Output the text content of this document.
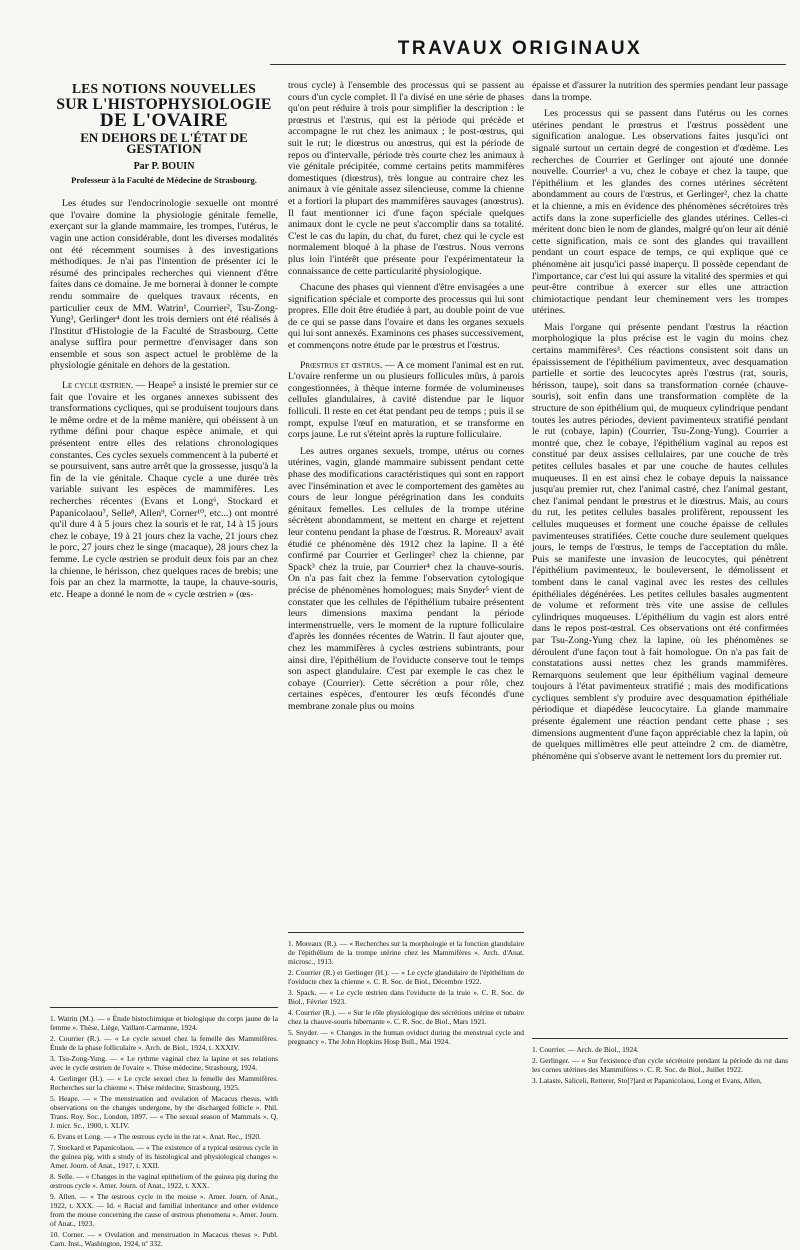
TRAVAUX ORIGINAUX
LES NOTIONS NOUVELLES
SUR L'HISTOPHYSIOLOGIE
DE L'OVAIRE
EN DEHORS DE L'ÉTAT DE GESTATION
Par P. BOUIN
Professeur à la Faculté de Médecine de Strasbourg.

Les études sur l'endocrinologie sexuelle ont montré que l'ovaire domine la physiologie génitale femelle, exerçant sur la glande mammaire, les trompes, l'utérus, le vagin une action considérable, dont les diverses modalités ont été récemment soumises à des investigations méthodiques. Je n'ai pas l'intention de présenter ici le résumé des principales recherches qui viennent d'être faites dans ce domaine. Je me bornerai à donner le compte rendu sommaire de quelques travaux récents, en particulier ceux de MM. Watrin¹, Courrier², Tsu-Zong-Yung³, Gerlinger⁴ dont les trois derniers ont été réalisés à l'Institut d'Histologie de la Faculté de Strasbourg. Cette analyse suffira pour permettre d'envisager dans son ensemble et sous son aspect actuel le problème de la physiologie génitale en dehors de la gestation.

Le cycle œstrien. — Heape⁵ a insisté le premier sur ce fait que l'ovaire et les organes annexes subissent des transformations cycliques, qui se produisent toujours dans le même ordre et de la même manière, qui obéissent à un rythme défini pour chaque espèce animale, et qui présentent entre elles des relations chronologiques constantes. Ces cycles sexuels commencent à la puberté et se poursuivent, sans autre arrêt que la grossesse, jusqu'à la fin de la vie génitale. Chaque cycle a une durée très variable suivant les espèces de mammifères. Les recherches récentes (Evans et Long⁶, Stockard et Papanicolaou⁷, Selle⁸, Allen⁹, Corner¹⁰, etc...) ont montré qu'il dure 4 à 5 jours chez la souris et le rat, 14 à 15 jours chez le cobaye, 19 à 21 jours chez la vache, 21 jours chez le porc, 27 jours chez le singe (macaque), 28 jours chez la femme. Le cycle œstrien se produit deux fois par an chez la chienne, le hérisson, chez quelques races de brebis; une fois par an chez la marmotte, la taupe, la chauve-souris, etc. Heape a donné le nom de « cycle œstrien » (œs-

1. Watrin (M.). — « Étude histochimique et biologique du corps jaune de la femme ». Thèse, Liège, Vaillant-Carmanne, 1924.
2. Courrier (R.). — « Le cycle sexuel chez la femelle des Mammifères. Étude de la phase folliculaire ». Arch. de Biol., 1924, t. XXXIV.
3. Tsu-Zong-Yung. — « Le rythme vaginal chez la lapine et ses relations avec le cycle œstrien de l'ovaire ». Thèse médecine, Strasbourg, 1924.
4. Gerlinger (H.). — « Le cycle sexuel chez la femelle des Mammifères. Recherches sur la chienne ». Thèse médecine, Strasbourg, 1925.
5. Heape. — « The menstruation and ovulation of Macacus rhesus, with observations on the changes undergone, by the discharged follicle ». Phil. Trans. Roy. Soc., London, 1897. — « The sexual season of Mammals ». Q. J. micr. Sc., 1900, t. XLIV.
6. Evans et Long. — « The œstrous cycle in the rat ». Anat. Rec., 1920.
7. Stockard et Papanicolaou. — « The existence of a typical œstrous cycle in the guinea pig, with a study of its histological and physiological changes ». Amer. Journ. of Anat., 1917, t. XXII.
8. Selle. — « Changes in the vaginal epithelium of the guinea pig during the œstrous cycle ». Amer. Journ. of Anat., 1922, t. XXX.
9. Allen. — « The œstrous cycle in the mouse ». Amer. Journ. of Anat., 1922, t. XXX. — Id. « Racial and familial inheritance and other evidence from the mouse concerning the cause of œstrous phenomena ». Amer. Journ. of Anat., 1923.
10. Corner. — « Ovulation and menstruation in Macacus rhesus ». Publ. Carn. Inst., Washington, 1924, nº 332.

trous cycle) à l'ensemble des processus qui se passent au cours d'un cycle complet. Il l'a divisé en une série de phases qu'on peut réduire à trois pour simplifier la description : le prœstrus et l'æstrus, qui est la période qui précède et accompagne le rut chez les animaux ; le post-œstrus, qui suit le rut; le diœstrus ou anœstrus, qui est la période de repos ou d'intervalle, période très courte chez les animaux à vie génitale précipitée, comme certains petits mammifères domestiques (diœstrus), très longue au contraire chez les animaux à vie génitale assez silencieuse, comme la chienne et a fortiori la plupart des mammifères sauvages (anœstrus). Il faut mentionner ici d'une façon spéciale quelques animaux dont le cycle ne peut s'accomplir dans sa totalité. C'est le cas du lapin, du chat, du furet, chez qui le cycle est normalement bloqué à la phase de l'œstrus. Nous verrons plus loin l'intérêt que présente pour l'expérimentateur la connaissance de cette particularité physiologique.

Chacune des phases qui viennent d'être envisagées a une signification spéciale et comporte des processus qui lui sont propres. Elle doit être étudiée à part, au double point de vue de ce qui se passe dans l'ovaire et dans les organes sexuels qui lui sont annexés. Examinons ces phases successivement, et commençons notre étude par le prœstrus et l'œstrus.

Prœstrus et œstrus. — A ce moment l'animal est en rut. L'ovaire renferme un ou plusieurs follicules mûrs, à parois congestionnées, à thèque interne formée de volumineuses cellules glandulaires, à cavité distendue par le liquor folliculi. Il reste en cet état pendant peu de temps ; puis il se rompt, expulse l'œuf en maturation, et se transforme en corps jaune. Le rut s'éteint après la rupture folliculaire.

Les autres organes sexuels, trompe, utérus ou cornes utérines, vagin, glande mammaire subissent pendant cette phase des modifications caractéristiques qui sont en rapport avec l'insémination et avec le comportement des gamètes au cours de leur longue pérégrination dans les conduits génitaux femelles. Les cellules de la trompe utérine sécrètent abondamment, se mettent en charge et rejettent leur contenu pendant la phase de l'œstrus. R. Moreaux¹ avait étudié ce phénomène dès 1912 chez la lapine. Il a été confirmé par Courrier et Gerlinger² chez la chienne, par Spack³ chez la truie, par Courrier⁴ chez la chauve-souris. On n'a pas fait chez la femme l'observation cytologique précise de phénomènes homologues; mais Snyder⁵ vient de constater que les cellules de l'épithélium tubaire présentent leurs dimensions maxima pendant la période intermenstruelle, vers le moment de la rupture folliculaire d'après les données récentes de Watrin. Il faut ajouter que, chez les mammifères à cycles œstriens subintrants, pour ainsi dire, l'épithélium de l'oviducte conserve tout le temps son aspect glandulaire. C'est par exemple le cas chez le cobaye (Courrier). Cette sécrétion a pour rôle, chez certaines espèces, d'entourer les œufs fécondés d'une membrane zonale plus ou moins

1. Moreaux (R.). — « Recherches sur la morphologie et la fonction glandulaire de l'épithélium de la trompe utérine chez les Mammifères ». Arch. d'Anat. microsc., 1913.
2. Courrier (R.) et Gerlinger (H.). — « Le cycle glandulaire de l'épithélium de l'oviducte chez la chienne ». C. R. Soc. de Biol., Décembre 1922.
3. Spack. — « Le cycle œstrien dans l'oviducte de la truie ». C. R. Soc. de Biol., Février 1923.
4. Courrier (R.). — « Sur le rôle physiologique des sécrétions utérine et tubaire chez la chauve-souris hibernante ». C. R. Soc. de Biol., Mars 1921.
5. Snyder. — « Changes in the human oviduct during the menstrual cycle and pregnancy ». The John Hopkins Hosp Bull., Mai 1924.

épaisse et d'assurer la nutrition des spermies pendant leur passage dans la trompe.

Les processus qui se passent dans l'utérus ou les cornes utérines pendant le prœstrus et l'œstrus possèdent une signification analogue. Les observations faites jusqu'ici ont signalé surtout un certain degré de congestion et d'œdème. Les recherches de Courrier et Gerlinger ont ajouté une donnée nouvelle. Courrier¹ a vu, chez le cobaye et chez la taupe, que l'épithélium et les glandes des cornes utérines sécrètent abondamment au cours de l'œstrus, et Gerlinger², chez la chatte et la chienne, a mis en évidence des phénomènes sécrétoires très actifs dans la zone superficielle des glandes utérines. Celles-ci méritent donc bien le nom de glandes, malgré qu'on leur ait dénié cette signification, mais ce sont des glandes qui travaillent pendant un court espace de temps, ce qui explique que ce phénomène ait jusqu'ici passé inaperçu. Il possède cependant de l'importance, car c'est lui qui assure la vitalité des spermies et qui peut-être contribue à exercer sur elles une attraction chimiotactique pendant leur cheminement vers les trompes utérines.

Mais l'organe qui présente pendant l'œstrus la réaction morphologique la plus précise est le vagin du moins chez certains mammifères³. Ces réactions consistent soit dans un épaississement de l'épithélium pavimenteux, avec desquamation partielle et sortie des leucocytes après l'œstrus (rat, souris, hérisson, taupe), soit dans sa transformation cornée (chauve-souris), soit enfin dans une transformation complète de la structure de son épithélium qui, de muqueux cylindrique pendant toutes les autres périodes, devient pavimenteux stratifié pendant le rut (cobaye, lapin) (Courrier, Tsu-Zong-Yung). Courrier a montré que, chez le cobaye, l'épithélium vaginal au repos est constitué par deux assises cellulaires, par une couche de très petites cellules basales et par une couche de hautes cellules muqueuses. Il en est ainsi chez le cobaye depuis la naissance jusqu'au premier rut, chez l'animal castré, chez l'animal gestant, chez l'animal pendant le prœstrus et le diœstrus. Mais, au cours du rut, les petites cellules basales prolifèrent, repoussent les cellules muqueuses et forment une couche épaisse de cellules pavimenteuses stratifiées. Cette couche dure seulement quelques jours, le temps de l'œstrus, le temps de l'acceptation du mâle. Puis se manifeste une invasion de leucocytes, qui pénètrent l'épithélium pavimenteux, le bouleversent, le démolissent et tombent dans le canal vaginal avec les restes des cellules épithéliales dégénérées. Les petites cellules basales augmentent de volume et reforment très vite une assise de cellules cylindriques muqueuses. L'épithélium du vagin est alors entré dans le repos post-œstral. Ces observations ont été confirmées par Tsu-Zong-Yung chez la lapine, où les phénomènes se déroulent d'une façon tout à fait homologue. On n'a pas fait de constatations aussi nettes chez les grands mammifères. Remarquons seulement que leur épithélium vaginal demeure toujours à l'état pavimenteux stratifié ; mais des modifications cycliques semblent s'y produire avec desquamation épithéliale périodique et diapédèse leucocytaire. La glande mammaire présente également une réaction pendant cette phase ; ses dimensions augmentent d'une façon appréciable chez la lapin, où de quelques millimètres elle peut atteindre 2 cm. de diamètre, phénomène qui s'observe avant le nettement lors du premier rut.

1. Courrier. — Arch. de Biol., 1924.
2. Gerlinger. — « Sur l'existence d'un cycle sécrétoire pendant la période du rut dans les cornes utérines des Mammifères ». C. R. Soc. de Biol., Juillet 1922.
3. Lataste, Saliceli, Retterer, Sto[?]ard et Papanicolaou, Long et Evans, Allen,
